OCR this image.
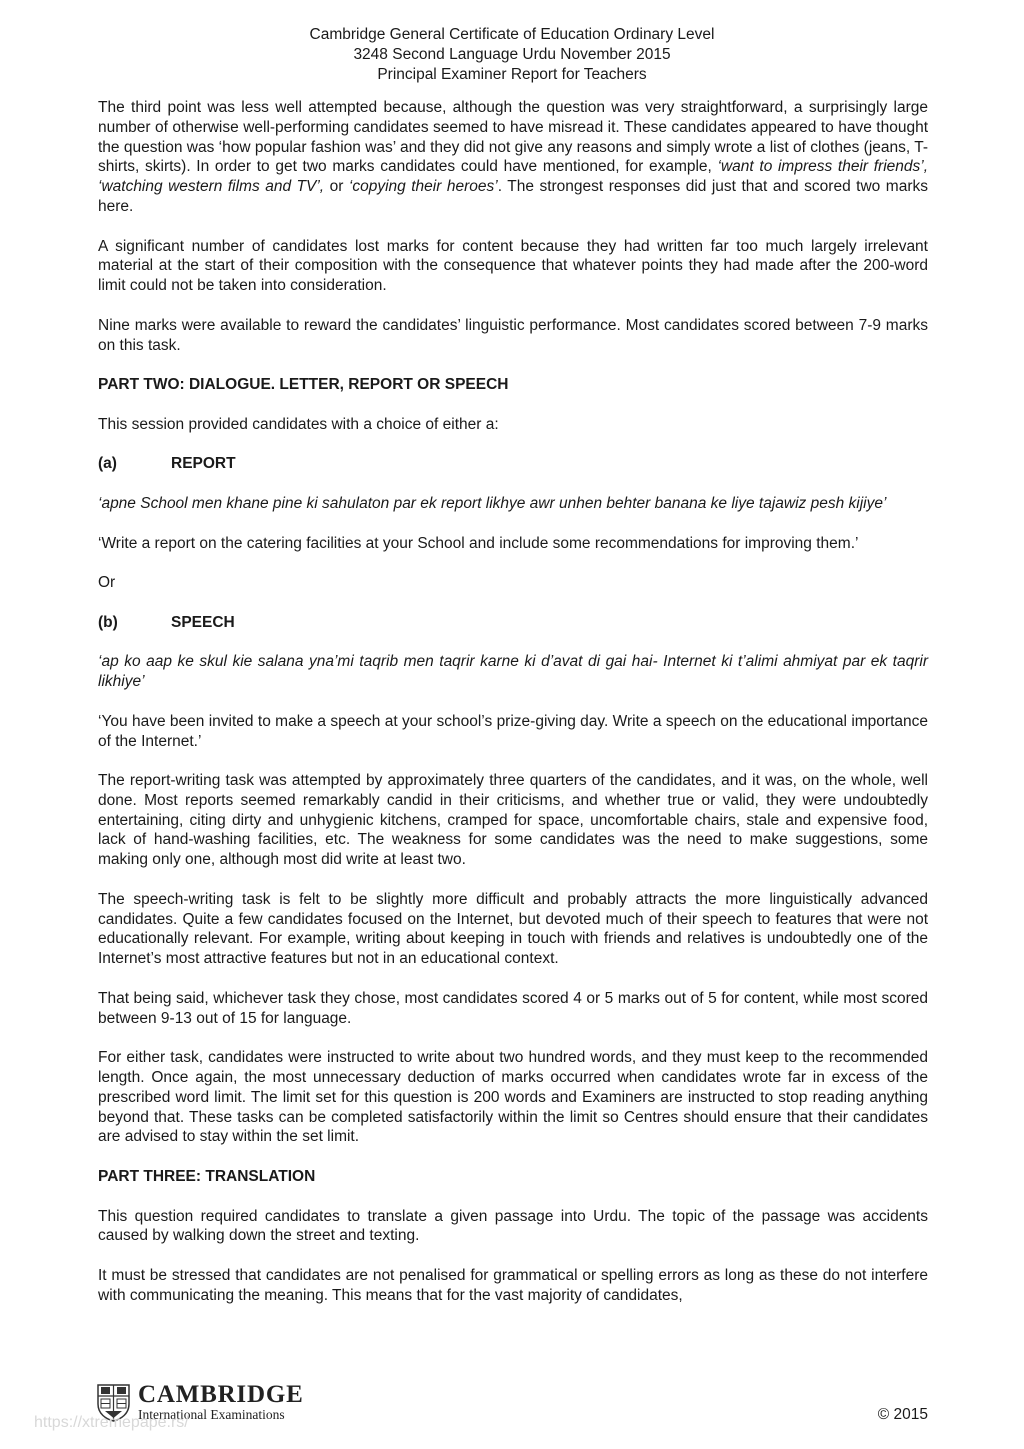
Cambridge General Certificate of Education Ordinary Level
3248 Second Language Urdu November 2015
Principal Examiner Report for Teachers

The third point was less well attempted because, although the question was very straightforward, a surprisingly large number of otherwise well-performing candidates seemed to have misread it. These candidates appeared to have thought the question was ‘how popular fashion was’ and they did not give any reasons and simply wrote a list of clothes (jeans, T-shirts, skirts). In order to get two marks candidates could have mentioned, for example, ‘want to impress their friends’, ‘watching western films and TV’, or ‘copying their heroes’. The strongest responses did just that and scored two marks here.

A significant number of candidates lost marks for content because they had written far too much largely irrelevant material at the start of their composition with the consequence that whatever points they had made after the 200-word limit could not be taken into consideration.

Nine marks were available to reward the candidates’ linguistic performance. Most candidates scored between 7-9 marks on this task.

PART TWO: DIALOGUE. LETTER, REPORT OR SPEECH

This session provided candidates with a choice of either a:

(a)	REPORT

‘apne School men khane pine ki sahulaton par ek report likhye awr unhen behter banana ke liye tajawiz pesh kijiye’

‘Write a report on the catering facilities at your School and include some recommendations for improving them.’

Or

(b)	SPEECH

‘ap ko aap ke skul kie salana yna’mi taqrib men taqrir karne ki d’avat di gai hai- Internet ki t’alimi ahmiyat par ek taqrir likhiye’

‘You have been invited to make a speech at your school’s prize-giving day. Write a speech on the educational importance of the Internet.’

The report-writing task was attempted by approximately three quarters of the candidates, and it was, on the whole, well done. Most reports seemed remarkably candid in their criticisms, and whether true or valid, they were undoubtedly entertaining, citing dirty and unhygienic kitchens, cramped for space, uncomfortable chairs, stale and expensive food, lack of hand-washing facilities, etc. The weakness for some candidates was the need to make suggestions, some making only one, although most did write at least two.

The speech-writing task is felt to be slightly more difficult and probably attracts the more linguistically advanced candidates. Quite a few candidates focused on the Internet, but devoted much of their speech to features that were not educationally relevant. For example, writing about keeping in touch with friends and relatives is undoubtedly one of the Internet’s most attractive features but not in an educational context.

That being said, whichever task they chose, most candidates scored 4 or 5 marks out of 5 for content, while most scored between 9-13 out of 15 for language.

For either task, candidates were instructed to write about two hundred words, and they must keep to the recommended length. Once again, the most unnecessary deduction of marks occurred when candidates wrote far in excess of the prescribed word limit. The limit set for this question is 200 words and Examiners are instructed to stop reading anything beyond that. These tasks can be completed satisfactorily within the limit so Centres should ensure that their candidates are advised to stay within the set limit.

PART THREE: TRANSLATION

This question required candidates to translate a given passage into Urdu. The topic of the passage was accidents caused by walking down the street and texting.

It must be stressed that candidates are not penalised for grammatical or spelling errors as long as these do not interfere with communicating the meaning. This means that for the vast majority of candidates,

CAMBRIDGE
International Examinations
https://xtremepape.rs/	© 2015
